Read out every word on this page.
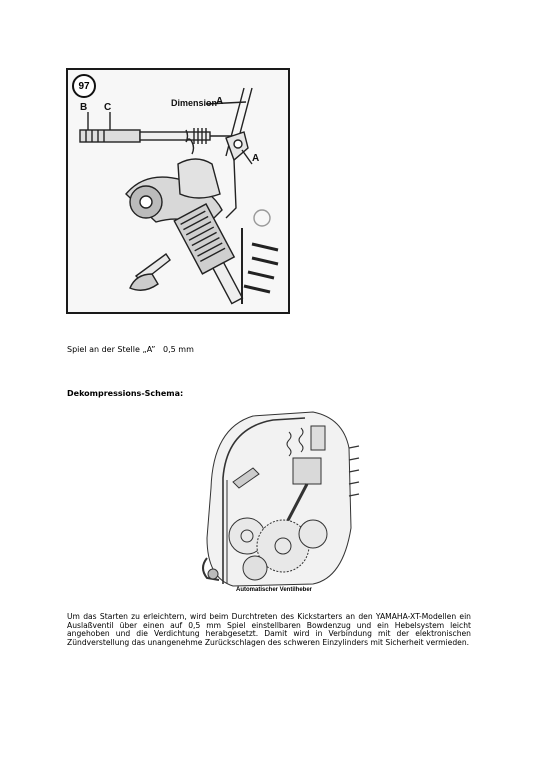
97
B C	Dimension
A
A
Spiel an der Stelle „A”   0,5 mm
Dekompressions-Schema:
Automatischer Ventilheber

Um das Starten zu erleichtern, wird beim Durchtreten des Kickstarters an den YAMAHA-XT-Modellen ein Auslaßventil über einen auf 0,5 mm Spiel einstellbaren Bowdenzug und ein Hebelsystem leicht angehoben und die Verdichtung herabgesetzt. Damit wird in Verbindung mit der elektronischen Zündverstellung das unangenehme Zurückschlagen des schweren Einzylinders mit Sicherheit vermieden.
